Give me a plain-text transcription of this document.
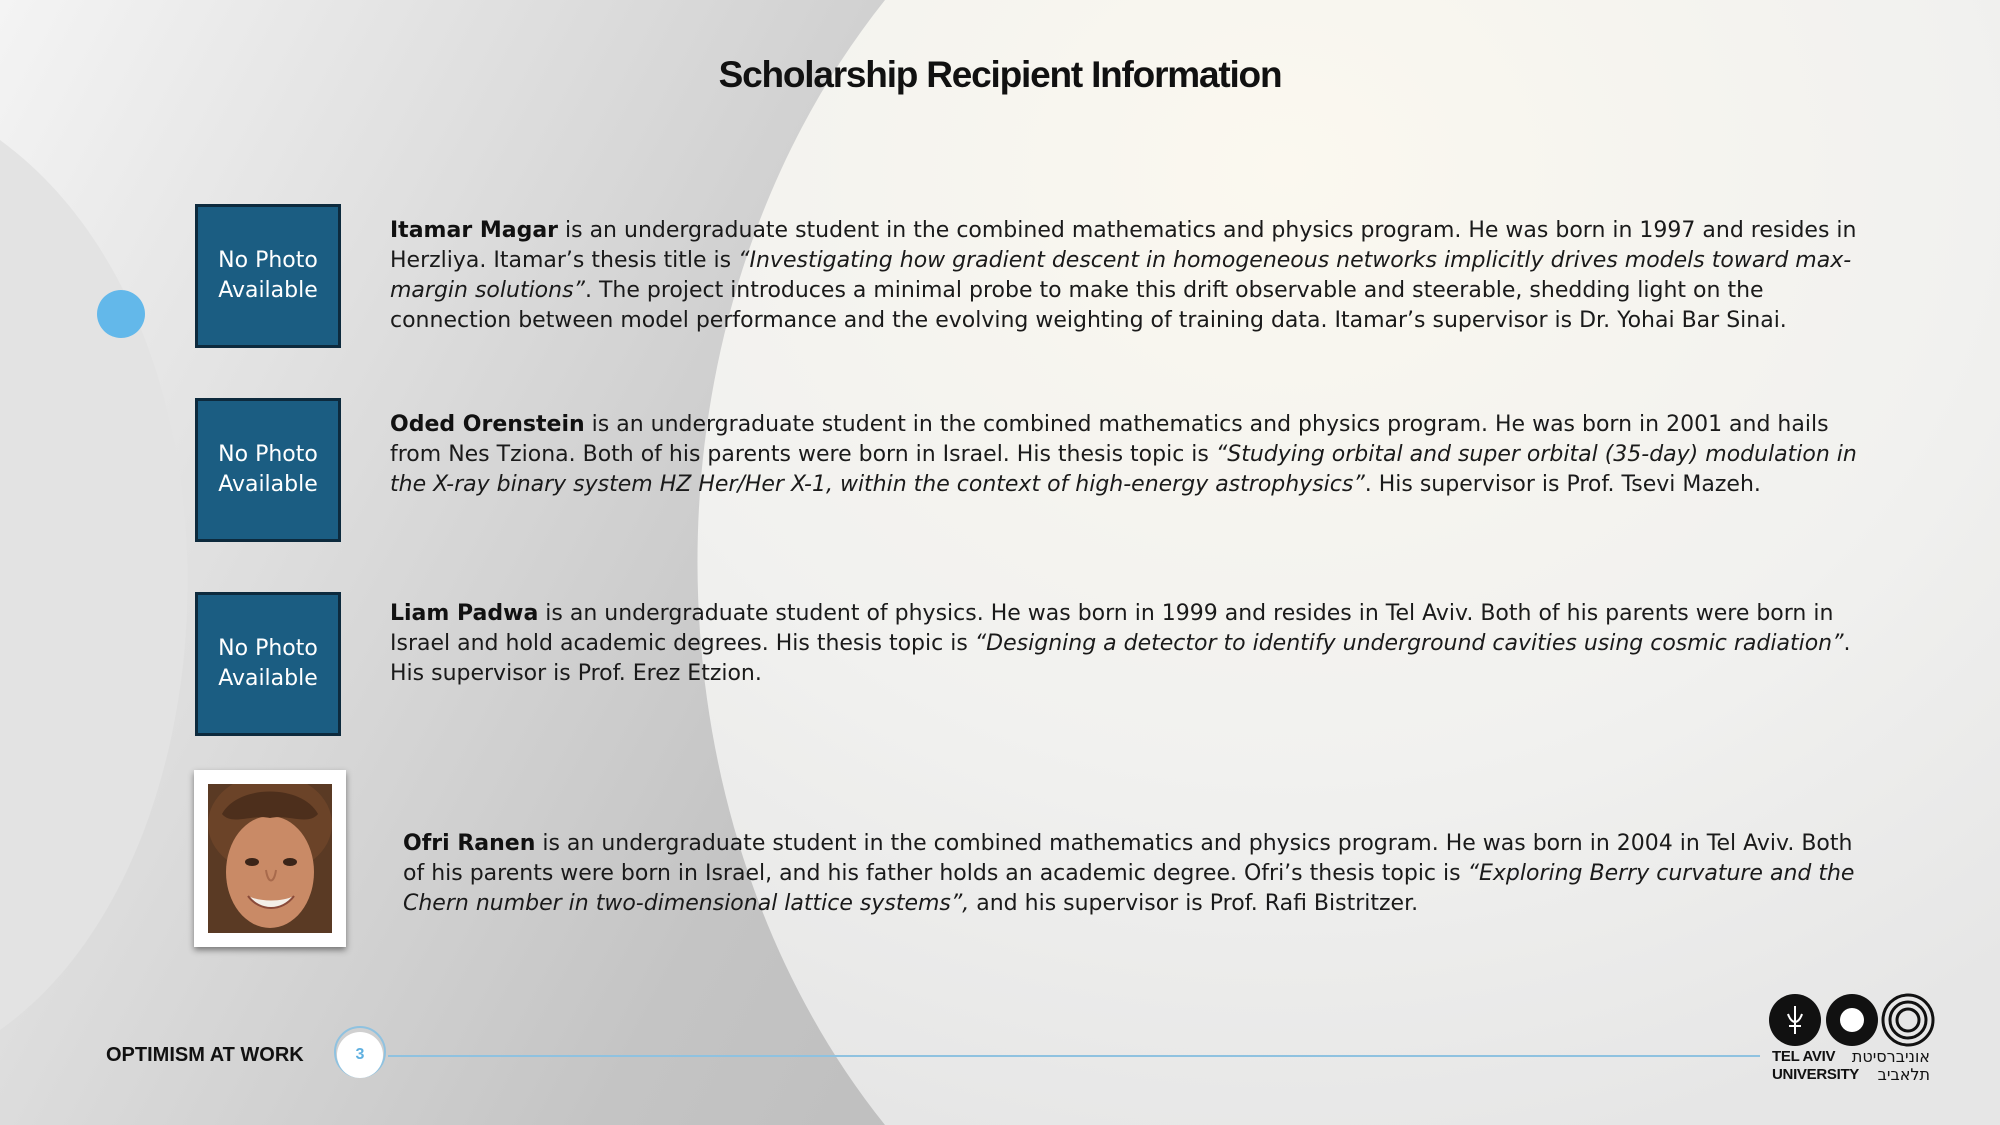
Scholarship Recipient Information
No Photo
Available
Itamar Magar is an undergraduate student in the combined mathematics and physics program. He was born in 1997 and resides in Herzliya. Itamar’s thesis title is “Investigating how gradient descent in homogeneous networks implicitly drives models toward max-margin solutions”. The project introduces a minimal probe to make this drift observable and steerable, shedding light on the connection between model performance and the evolving weighting of training data. Itamar’s supervisor is Dr. Yohai Bar Sinai.
No Photo
Available
Oded Orenstein is an undergraduate student in the combined mathematics and physics program. He was born in 2001 and hails from Nes Tziona. Both of his parents were born in Israel. His thesis topic is “Studying orbital and super orbital (35-day) modulation in the X-ray binary system HZ Her/Her X-1, within the context of high-energy astrophysics”. His supervisor is Prof. Tsevi Mazeh.
No Photo
Available
Liam Padwa is an undergraduate student of physics. He was born in 1999 and resides in Tel Aviv. Both of his parents were born in Israel and hold academic degrees. His thesis topic is “Designing a detector to identify underground cavities using cosmic radiation”. His supervisor is Prof. Erez Etzion.
Ofri Ranen is an undergraduate student in the combined mathematics and physics program. He was born in 2004 in Tel Aviv. Both of his parents were born in Israel, and his father holds an academic degree. Ofri’s thesis topic is “Exploring Berry curvature and the Chern number in two-dimensional lattice systems”, and his supervisor is Prof. Rafi Bistritzer.
OPTIMISM AT WORK	3	TEL AVIV
UNIVERSITY
אוניברסיטת
תלאביב
